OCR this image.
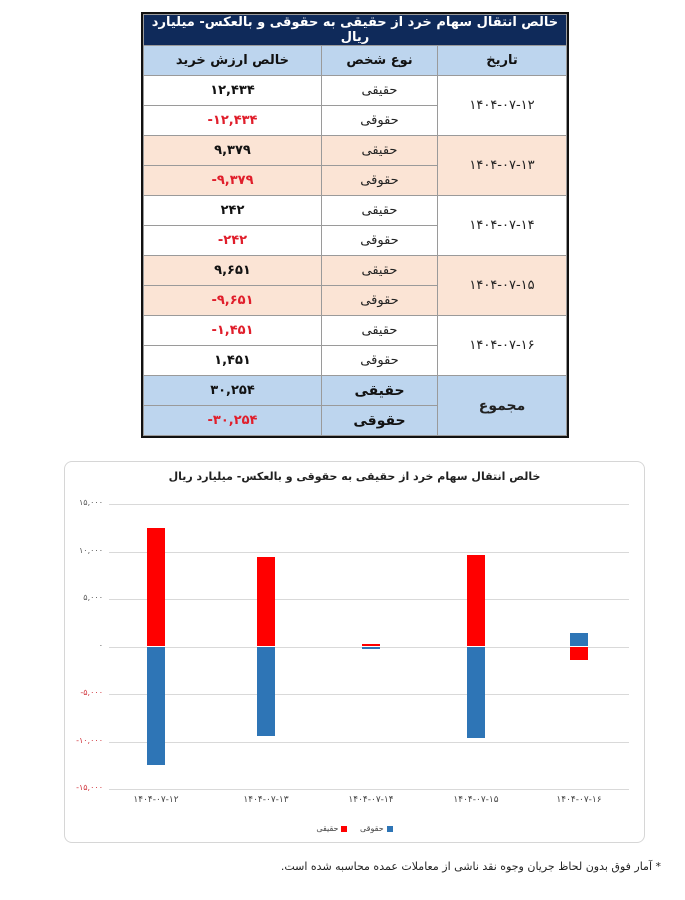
خالص انتقال سهام خرد از حقیقی به حقوقی و بالعکس- میلیارد ریال		
تاریخ	نوع شخص	خالص ارزش خرید
۱۴۰۴-۰۷-۱۲	حقیقی	۱۲,۴۳۴
	حقوقی	-۱۲,۴۳۴
۱۴۰۴-۰۷-۱۳	حقیقی	۹,۳۷۹
	حقوقی	-۹,۳۷۹
۱۴۰۴-۰۷-۱۴	حقیقی	۲۴۲
	حقوقی	-۲۴۲
۱۴۰۴-۰۷-۱۵	حقیقی	۹,۶۵۱
	حقوقی	-۹,۶۵۱
۱۴۰۴-۰۷-۱۶	حقیقی	-۱,۴۵۱
	حقوقی	۱,۴۵۱
مجموع	حقیقی	۳۰,۲۵۴
	حقوقی	-۳۰,۲۵۴
خالص انتقال سهام خرد از حقیقی به حقوقی و بالعکس- میلیارد ریال
۱۵,۰۰۰
۱۰,۰۰۰
۵,۰۰۰
۰
-۵,۰۰۰
-۱۰,۰۰۰
-۱۵,۰۰۰
۱۴۰۴-۰۷-۱۲	۱۴۰۴-۰۷-۱۳	۱۴۰۴-۰۷-۱۴	۱۴۰۴-۰۷-۱۵	۱۴۰۴-۰۷-۱۶
حقوقی

حقیقی
* آمار فوق بدون لحاظ جریان وجوه نقد ناشی از معاملات عمده محاسبه شده است.
